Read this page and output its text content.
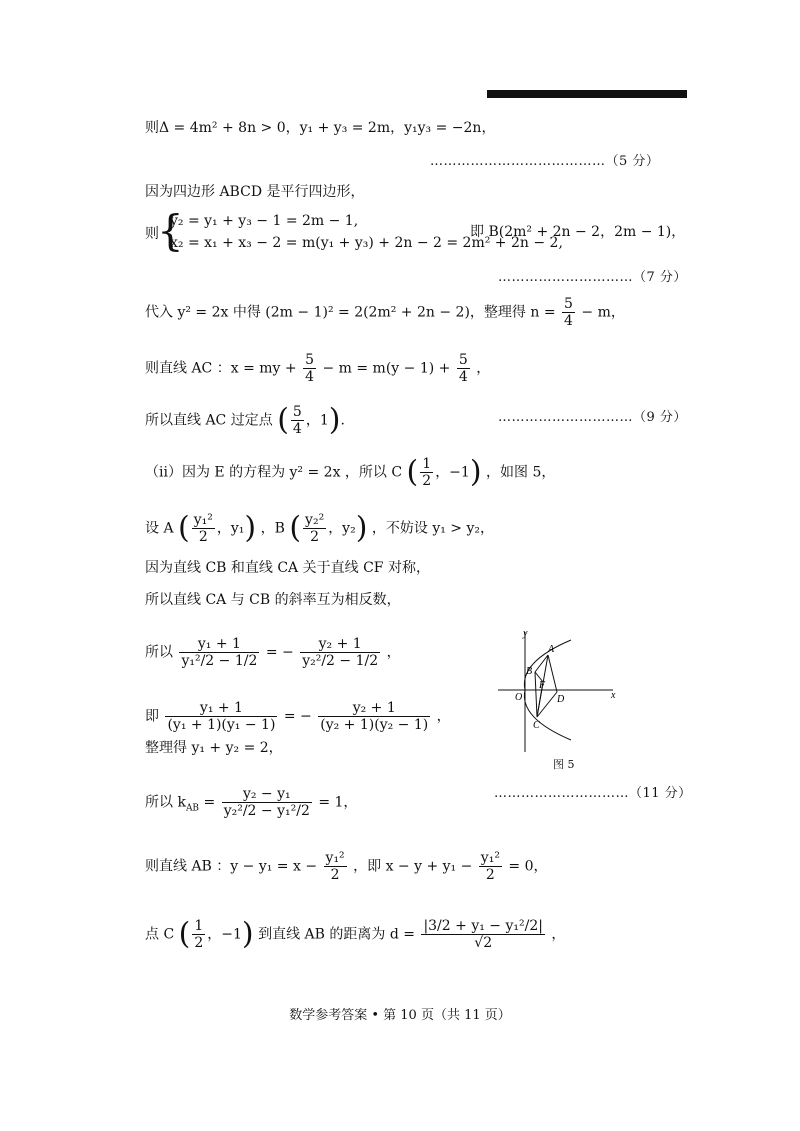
则Δ = 4m² + 8n > 0，y₁ + y₃ = 2m，y₁y₃ = −2n，
…………………………………（5 分）
因为四边形 ABCD 是平行四边形，
则
{
y₂ = y₁ + y₃ − 1 = 2m − 1,
x₂ = x₁ + x₃ − 2 = m(y₁ + y₃) + 2n − 2 = 2m² + 2n − 2,
即 B(2m² + 2n − 2，2m − 1)，
…………………………（7 分）
代入 y² = 2x 中得 (2m − 1)² = 2(2m² + 2n − 2)，整理得 $n = \frac{5}{4} - m$，
则直线 AC ：x = my + $\frac{5}{4} - m = m(y - 1) + \frac{5}{4}$ ，
所以直线 AC 过定点 ( $\frac{5}{4}$ ，1).	…………………………（9 分）
（ii）因为 E 的方程为 y² = 2x ，所以 C ( $\frac{1}{2}$ ，−1) ，如图 5，
设 A ( $\frac{\text{y₁²}}{2}$ ，y₁) ，B ( $\frac{\text{y₂²}}{2}$ ，y₂) ，不妨设 y₁ > y₂，
因为直线 CB 和直线 CA 关于直线 CF 对称，
所以直线 CA 与 CB 的斜率互为相反数，
所以 $\frac{\text{y₁ + 1}}{\text{y₁²/2 − 1/2}}$ = − $\frac{\text{y₂ + 1}}{\text{y₂²/2 − 1/2}}$ ，
即 $\frac{\text{y₁ + 1}}{\text{(y₁ + 1)(y₁ − 1)}}$ = − $\frac{\text{y₂ + 1}}{\text{(y₂ + 1)(y₂ − 1)}}$ ，
整理得 y₁ + y₂ = 2，
所以 $k_{AB} = \frac{\text{y₂ − y₁}}{\text{y₂²/2 − y₁²/2}} = 1$，
…………………………（11 分）
则直线 AB ：$y - y_1 = x - \frac{\text{y₁²}}{2}$ ，即 $x - y + y_1 - \frac{\text{y₁²}}{2} = 0$，
点 C ( $\frac{1}{2}$ ，−1) 到直线 AB 的距离为 $d = \frac{\text{|3/2 + y₁ − y₁²/2|}}{√2}$ ，
y
x
O
A
B
C
D
F
图 5
数学参考答案 • 第 10 页（共 11 页）
